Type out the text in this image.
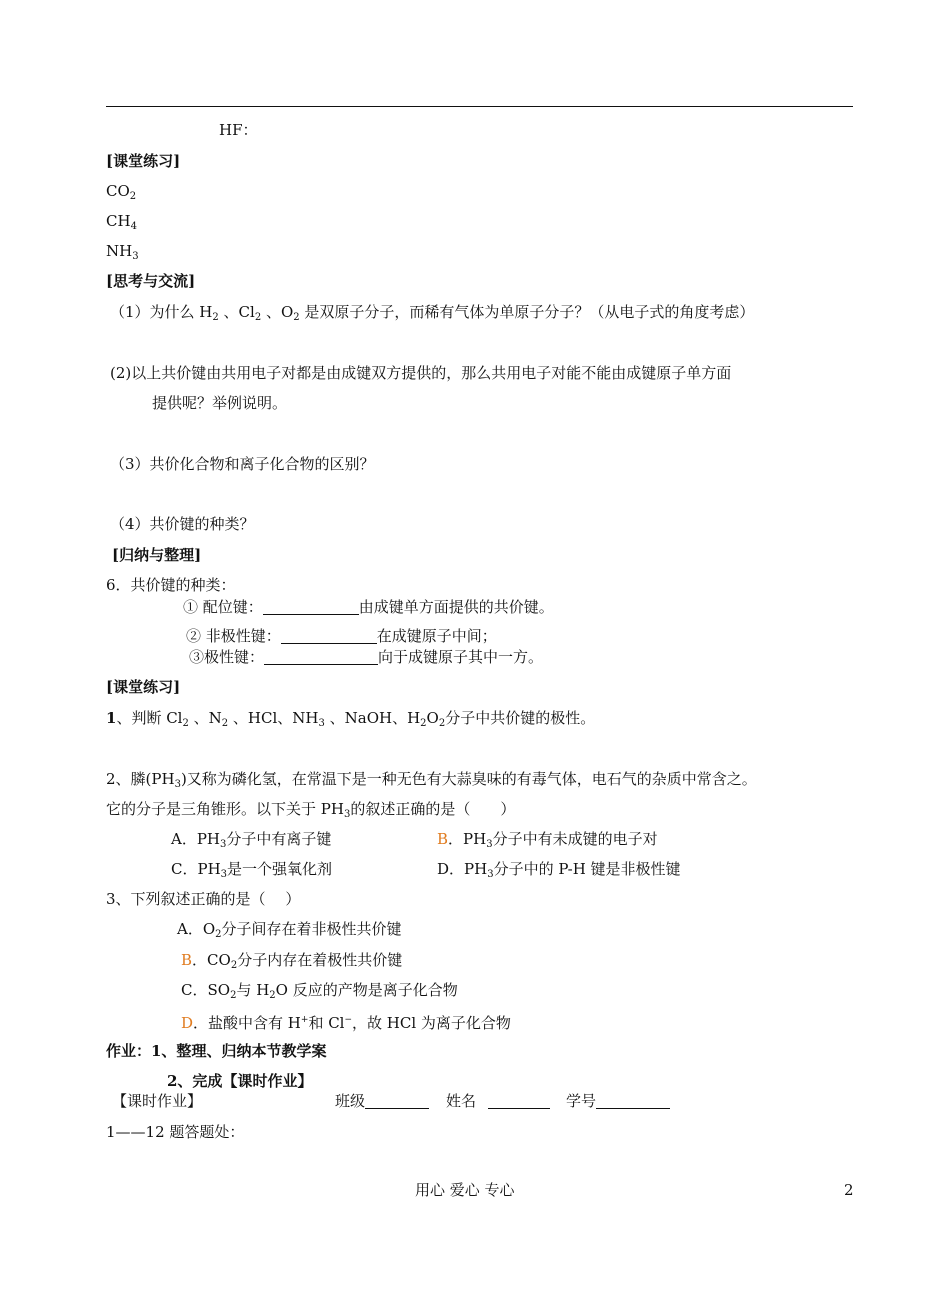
HF：
[课堂练习]
$CO_2$
$CH_4$
$NH_3$
[思考与交流]
（1）为什么 $H_2$ 、$Cl_2$ 、$O_2$ 是双原子分子，而稀有气体为单原子分子？（从电子式的角度考虑）
(2)以上共价键由共用电子对都是由成键双方提供的，那么共用电子对能不能由成键原子单方面
提供呢？举例说明。
（3）共价化合物和离子化合物的区别？
（4）共价键的种类？
[归纳与整理]
6．共价键的种类：
① 配位键：	由成键单方面提供的共价键。
② 非极性键：	在成键原子中间；
③极性键：	向于成键原子其中一方。
[课堂练习]
1、判断 $Cl_2$ 、$N_2$ 、HCl、$NH_3$ 、NaOH、$H_2O_2$分子中共价键的极性。
2、膦$(PH_3)$又称为磷化氢，在常温下是一种无色有大蒜臭味的有毒气体，电石气的杂质中常含之。
它的分子是三角锥形。以下关于 $PH_3$的叙述正确的是（　　）
A．$PH_3$分子中有离子键	B．$PH_3$分子中有未成键的电子对
C．$PH_3$是一个强氧化剂	D．$PH_3$分子中的 P-H 键是非极性键
3、下列叙述正确的是（　 ）
A．$O_2$分子间存在着非极性共价键
B．$CO_2$分子内存在着极性共价键
C．$SO_2$与 $H_2O$ 反应的产物是离子化合物
D．盐酸中含有 H+和 Cl−，故 HCl 为离子化合物
作业：1、整理、归纳本节教学案
2、完成【课时作业】
【课时作业】	班级	姓名	学号
1——12 题答题处：
用心 爱心 专心	2
